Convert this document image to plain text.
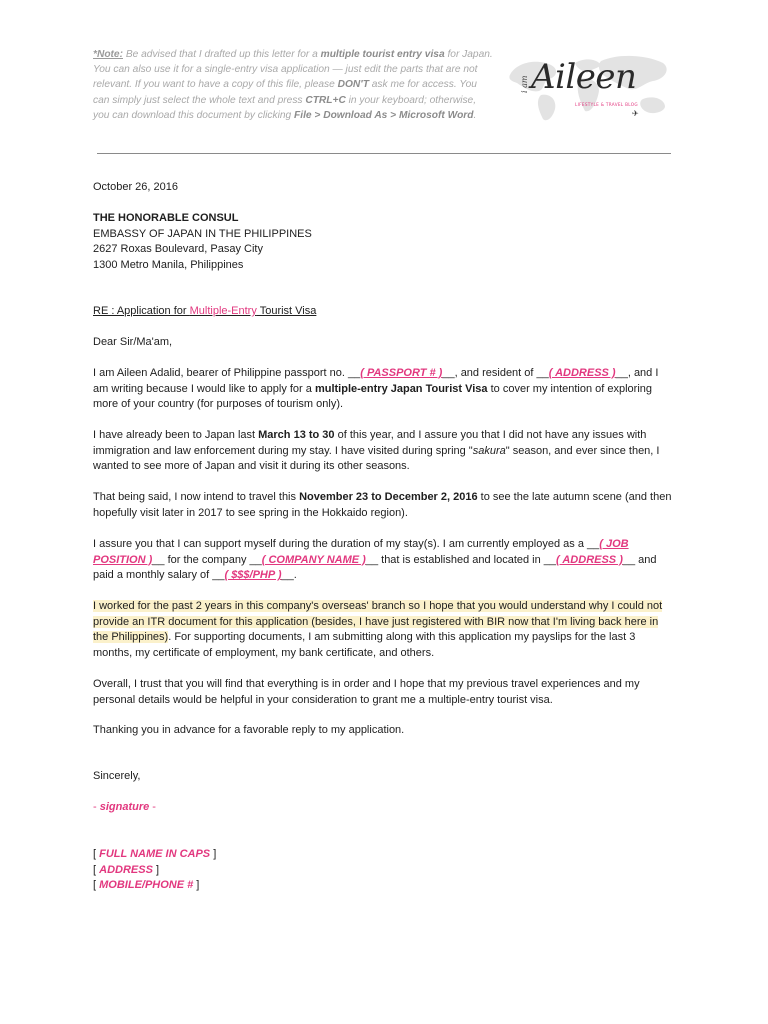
*Note: Be advised that I drafted up this letter for a multiple tourist entry visa for Japan. You can also use it for a single-entry visa application — just edit the parts that are not relevant. If you want to have a copy of this file, please DON'T ask me for access. You can simply just select the whole text and press CTRL+C in your keyboard; otherwise, you can download this document by clicking File > Download As > Microsoft Word.
i am Aileen
LIFESTYLE & TRAVEL BLOG
✈

October 26, 2016

THE HONORABLE CONSUL
EMBASSY OF JAPAN IN THE PHILIPPINES
2627 Roxas Boulevard, Pasay City
1300 Metro Manila, Philippines

RE : Application for Multiple-Entry Tourist Visa

Dear Sir/Ma'am,

I am Aileen Adalid, bearer of Philippine passport no. __( PASSPORT # )__, and resident of __( ADDRESS )__, and I am writing because I would like to apply for a multiple-entry Japan Tourist Visa to cover my intention of exploring more of your country (for purposes of tourism only).

I have already been to Japan last March 13 to 30 of this year, and I assure you that I did not have any issues with immigration and law enforcement during my stay. I have visited during spring "sakura" season, and ever since then, I wanted to see more of Japan and visit it during its other seasons.

That being said, I now intend to travel this November 23 to December 2, 2016 to see the late autumn scene (and then hopefully visit later in 2017 to see spring in the Hokkaido region).

I assure you that I can support myself during the duration of my stay(s). I am currently employed as a __( JOB POSITION )__ for the company __( COMPANY NAME )__ that is established and located in __( ADDRESS )__ and paid a monthly salary of __( $$$/PHP )__.

I worked for the past 2 years in this company's overseas' branch so I hope that you would understand why I could not provide an ITR document for this application (besides, I have just registered with BIR now that I'm living back here in the Philippines). For supporting documents, I am submitting along with this application my payslips for the last 3 months, my certificate of employment, my bank certificate, and others.

Overall, I trust that you will find that everything is in order and I hope that my previous travel experiences and my personal details would be helpful in your consideration to grant me a multiple-entry tourist visa.

Thanking you in advance for a favorable reply to my application.

Sincerely,

- signature -

[ FULL NAME IN CAPS ]
[ ADDRESS ]
[ MOBILE/PHONE # ]
